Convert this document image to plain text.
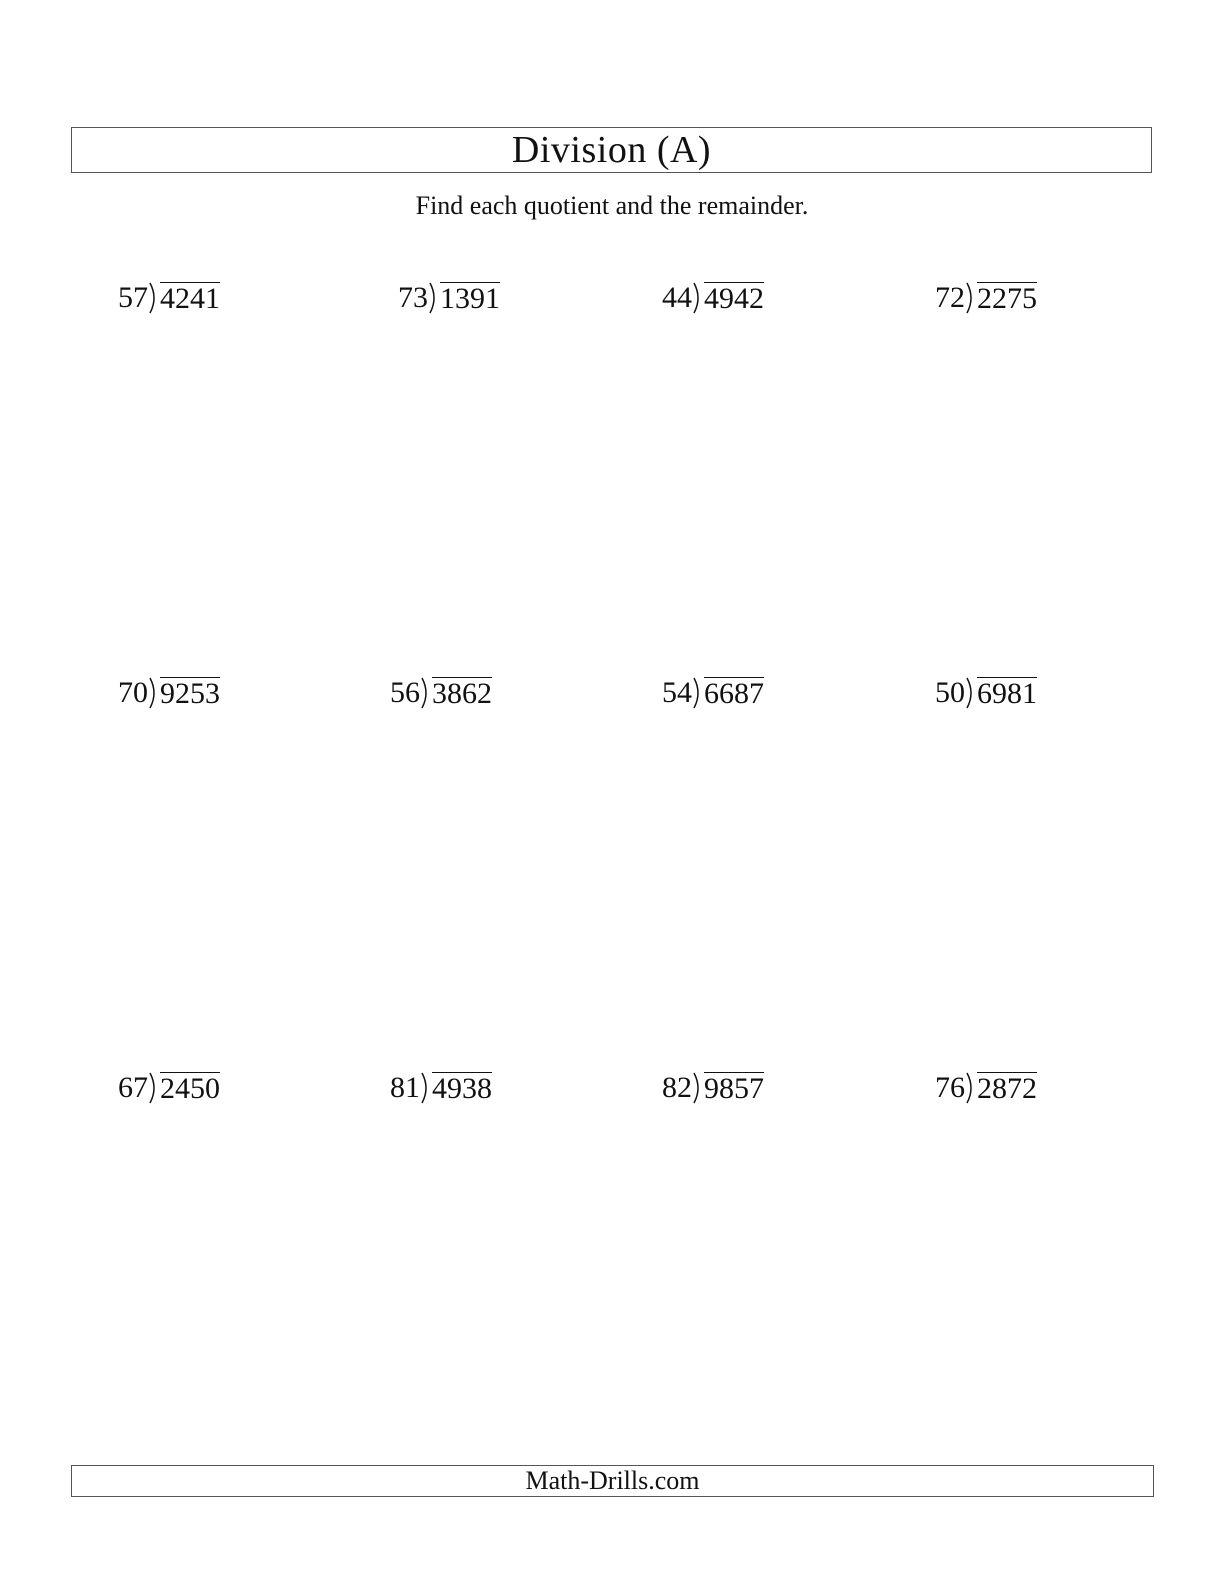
Division (A)
Find each quotient and the remainder.
57 4241	73 1391	44 4942	72 2275
70 9253	56 3862	54 6687	50 6981
67 2450	81 4938	82 9857	76 2872
Math-Drills.com
